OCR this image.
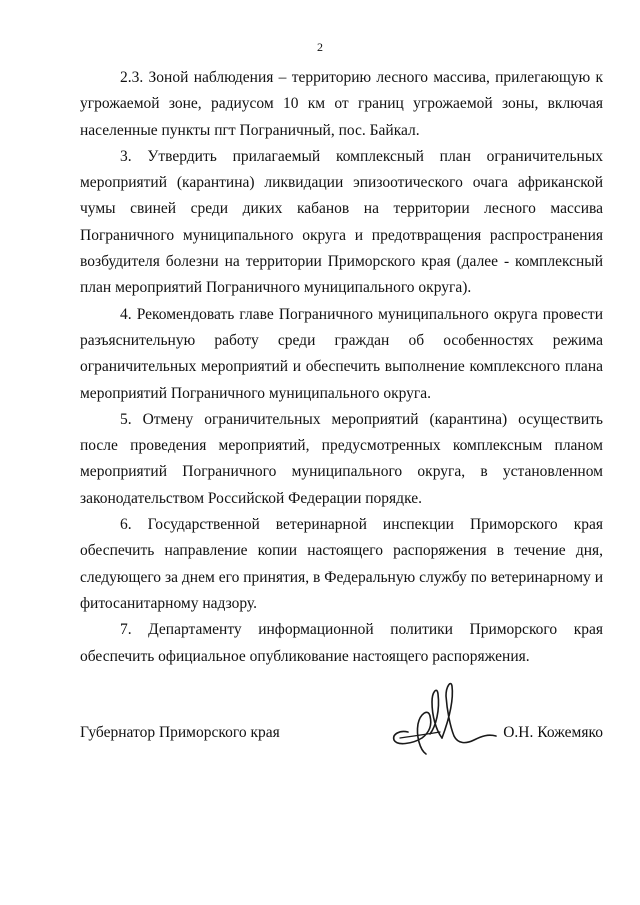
2

2.3. Зоной наблюдения – территорию лесного массива, прилегающую к угрожаемой зоне, радиусом 10 км от границ угрожаемой зоны, включая населенные пункты пгт Пограничный, пос. Байкал.

3. Утвердить прилагаемый комплексный план ограничительных мероприятий (карантина) ликвидации эпизоотического очага африканской чумы свиней среди диких кабанов на территории лесного массива Пограничного муниципального округа и предотвращения распространения возбудителя болезни на территории Приморского края (далее - комплексный план мероприятий Пограничного муниципального округа).

4. Рекомендовать главе Пограничного муниципального округа провести разъяснительную работу среди граждан об особенностях режима ограничительных мероприятий и обеспечить выполнение комплексного плана мероприятий Пограничного муниципального округа.

5. Отмену ограничительных мероприятий (карантина) осуществить после проведения мероприятий, предусмотренных комплексным планом мероприятий Пограничного муниципального округа, в установленном законодательством Российской Федерации порядке.

6. Государственной ветеринарной инспекции Приморского края обеспечить направление копии настоящего распоряжения в течение дня, следующего за днем его принятия, в Федеральную службу по ветеринарному и фитосанитарному надзору.

7. Департаменту информационной политики Приморского края обеспечить официальное опубликование настоящего распоряжения.

Губернатор Приморского края	О.Н. Кожемяко
